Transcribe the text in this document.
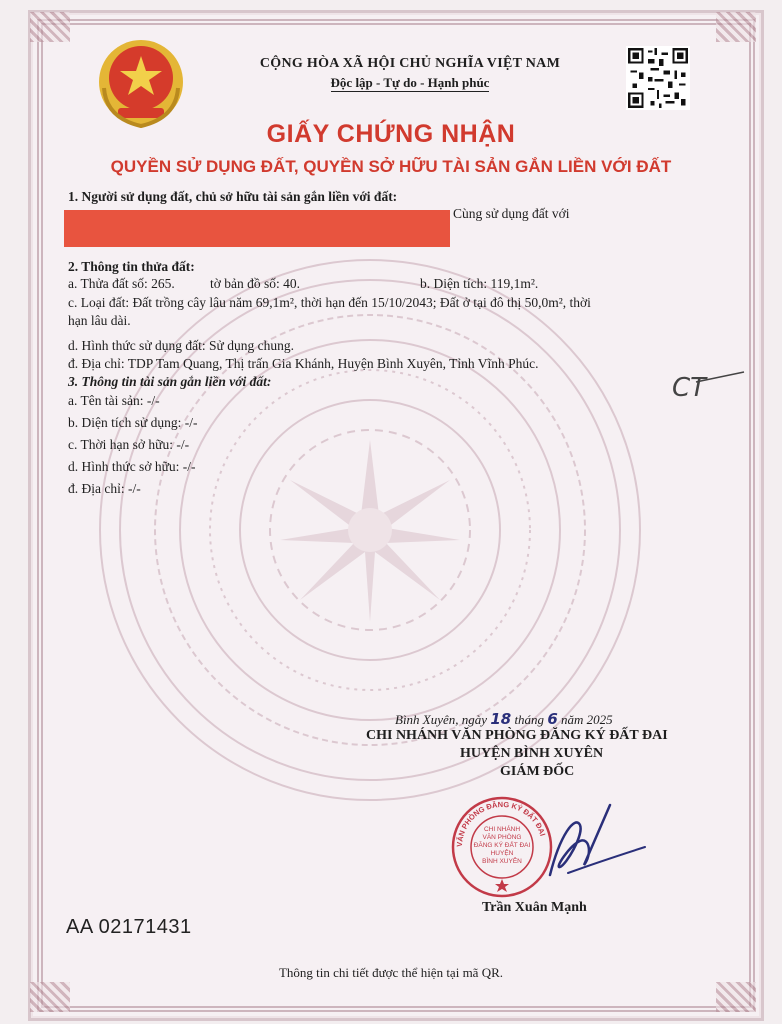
CỘNG HÒA XÃ HỘI CHỦ NGHĨA VIỆT NAM
Độc lập - Tự do - Hạnh phúc
GIẤY CHỨNG NHẬN
QUYỀN SỬ DỤNG ĐẤT, QUYỀN SỞ HỮU TÀI SẢN GẮN LIỀN VỚI ĐẤT
1. Người sử dụng đất, chủ sở hữu tài sản gắn liền với đất:
Cùng sử dụng đất với
2. Thông tin thửa đất:
a. Thửa đất số: 265.	tờ bản đồ số: 40.	b. Diện tích: 119,1m².
c. Loại đất: Đất trồng cây lâu năm 69,1m², thời hạn đến 15/10/2043; Đất ở tại đô thị 50,0m², thời
hạn lâu dài.
d. Hình thức sử dụng đất: Sử dụng chung.
đ. Địa chỉ: TDP Tam Quang, Thị trấn Gia Khánh, Huyện Bình Xuyên, Tỉnh Vĩnh Phúc.
3. Thông tin tài sản gắn liền với đất:
a. Tên tài sản: -/-
b. Diện tích sử dụng: -/-
c. Thời hạn sở hữu: -/-
d. Hình thức sở hữu: -/-
đ. Địa chỉ: -/-
CT
Bình Xuyên, ngày 18 tháng 6 năm 2025
CHI NHÁNH VĂN PHÒNG ĐĂNG KÝ ĐẤT ĐAI
HUYỆN BÌNH XUYÊN
GIÁM ĐỐC
VĂN PHÒNG ĐĂNG KÝ ĐẤT ĐAI
CHI NHÁNH
VĂN PHÒNG
ĐĂNG KÝ ĐẤT ĐAI
HUYỆN
BÌNH XUYÊN
Trần Xuân Mạnh
AA 02171431
Thông tin chi tiết được thể hiện tại mã QR.
